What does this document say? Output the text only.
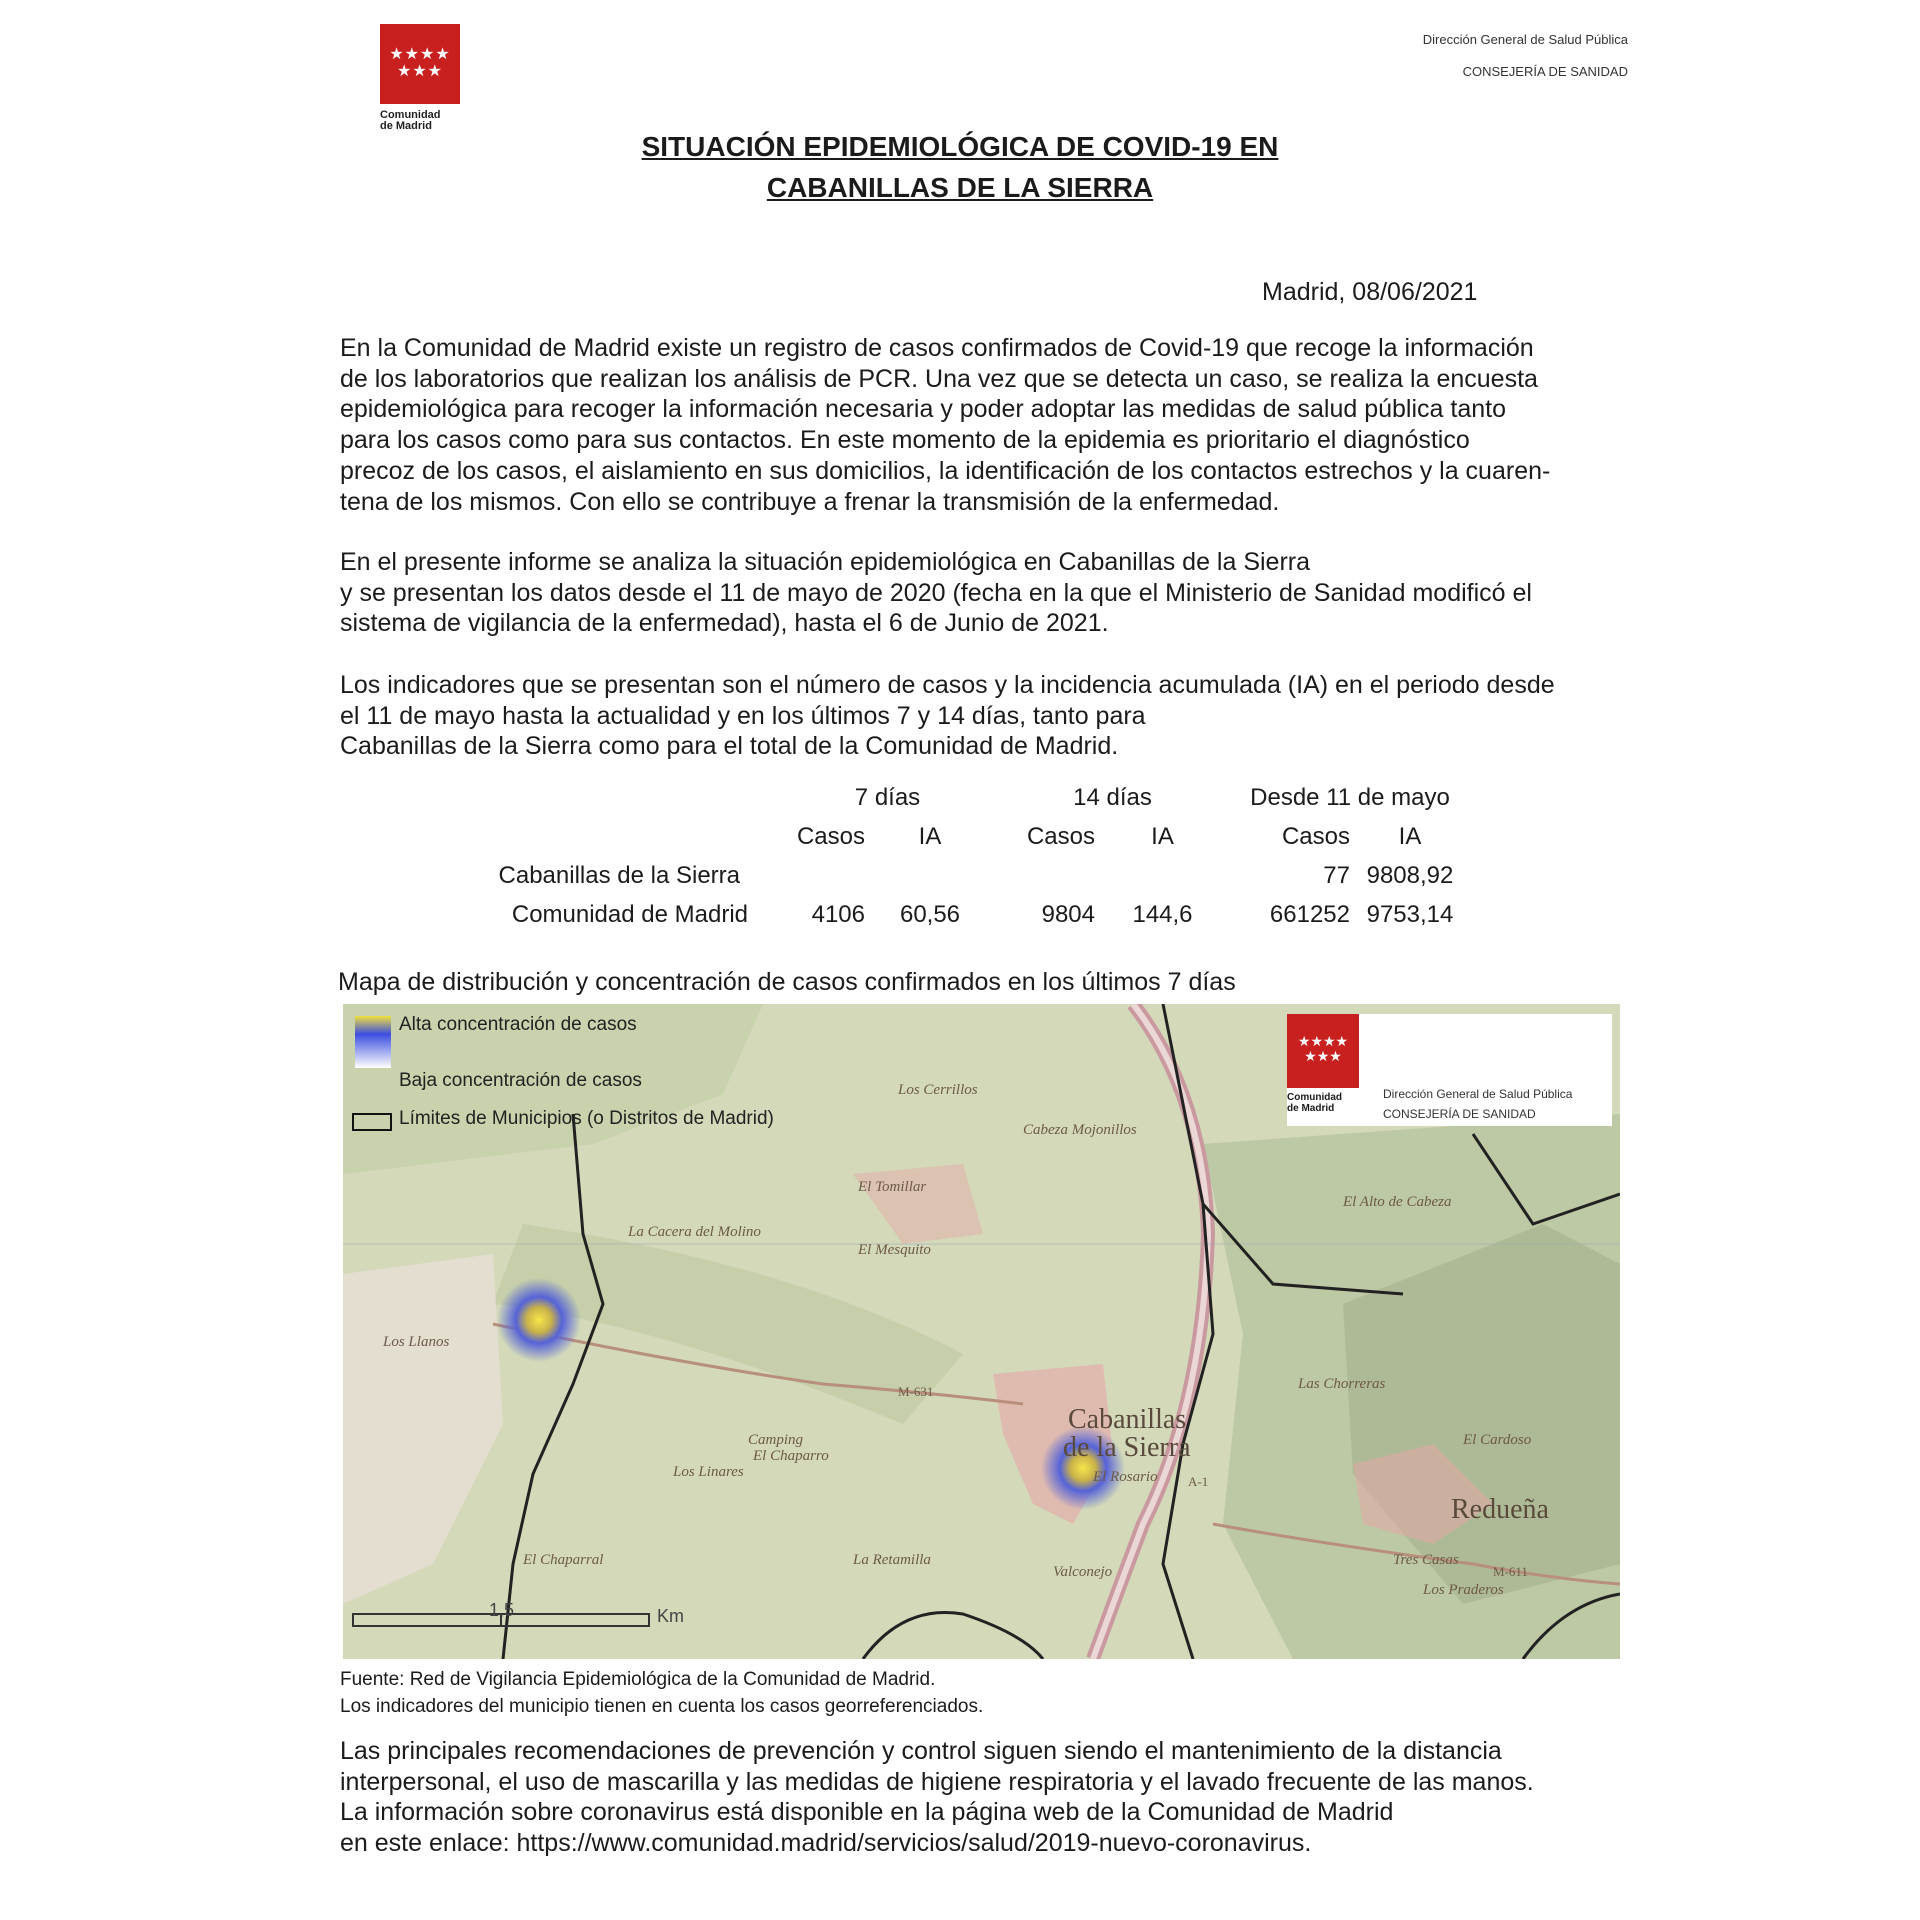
★★★★
★★★
Comunidad
de Madrid
Dirección General de Salud Pública
CONSEJERÍA DE SANIDAD
SITUACIÓN EPIDEMIOLÓGICA DE COVID-19 EN
CABANILLAS DE LA SIERRA
Madrid, 08/06/2021
En la Comunidad de Madrid existe un registro de casos confirmados de Covid-19 que recoge la información
de los laboratorios que realizan los análisis de PCR. Una vez que se detecta un caso, se realiza la encuesta
epidemiológica para recoger la información necesaria y poder adoptar las medidas de salud pública tanto
para los casos como para sus contactos. En este momento de la epidemia es prioritario el diagnóstico
precoz de los casos, el aislamiento en sus domicilios, la identificación de los contactos estrechos y la cuaren-
tena de los mismos. Con ello se contribuye a frenar la transmisión de la enfermedad.
En el presente informe se analiza la situación epidemiológica en Cabanillas de la Sierra
y se presentan los datos desde el 11 de mayo de 2020 (fecha en la que el Ministerio de Sanidad modificó el
sistema de vigilancia de la enfermedad), hasta el 6 de Junio de 2021.
Los indicadores que se presentan son el número de casos y la incidencia acumulada (IA) en el periodo desde
el 11 de mayo hasta la actualidad y en los últimos 7 y 14 días, tanto para
Cabanillas de la Sierra como para el total de la Comunidad de Madrid.
	7 días		14 días		Desde 11 de mayo	
	Casos	IA	Casos	IA	Casos	IA
Cabanillas de la Sierra					77	9808,92
Comunidad de Madrid	4106	60,56	9804	144,6	661252	9753,14
Mapa de distribución y concentración de casos confirmados en los últimos 7 días
Alta concentración de casos
Baja concentración de casos
Límites de Municipios (o Distritos de Madrid)
★★★★
★★★
Comunidad
de Madrid
Dirección General de Salud Pública
CONSEJERÍA DE SANIDAD
Cabanillas
de la Sierra
Redueña
Los Llanos
El Chaparral
La Cacera del Molino
Camping
El Chaparro
Los Linares
La Retamilla
Valconejo
El Rosario
El Alto de Cabeza
El Tomillar
El Mesquito
Cabeza Mojonillos
Los Cerrillos
Las Chorreras
El Cardoso
Tres Casas
Los Praderos
M-631
A-1
M-611
1,5	Km
Fuente: Red de Vigilancia Epidemiológica de la Comunidad de Madrid.
Los indicadores del municipio tienen en cuenta los casos georreferenciados.
Las principales recomendaciones de prevención y control siguen siendo el mantenimiento de la distancia
interpersonal, el uso de mascarilla y las medidas de higiene respiratoria y el lavado frecuente de las manos.
La información sobre coronavirus está disponible en la página web de la Comunidad de Madrid
en este enlace: https://www.comunidad.madrid/servicios/salud/2019-nuevo-coronavirus.
